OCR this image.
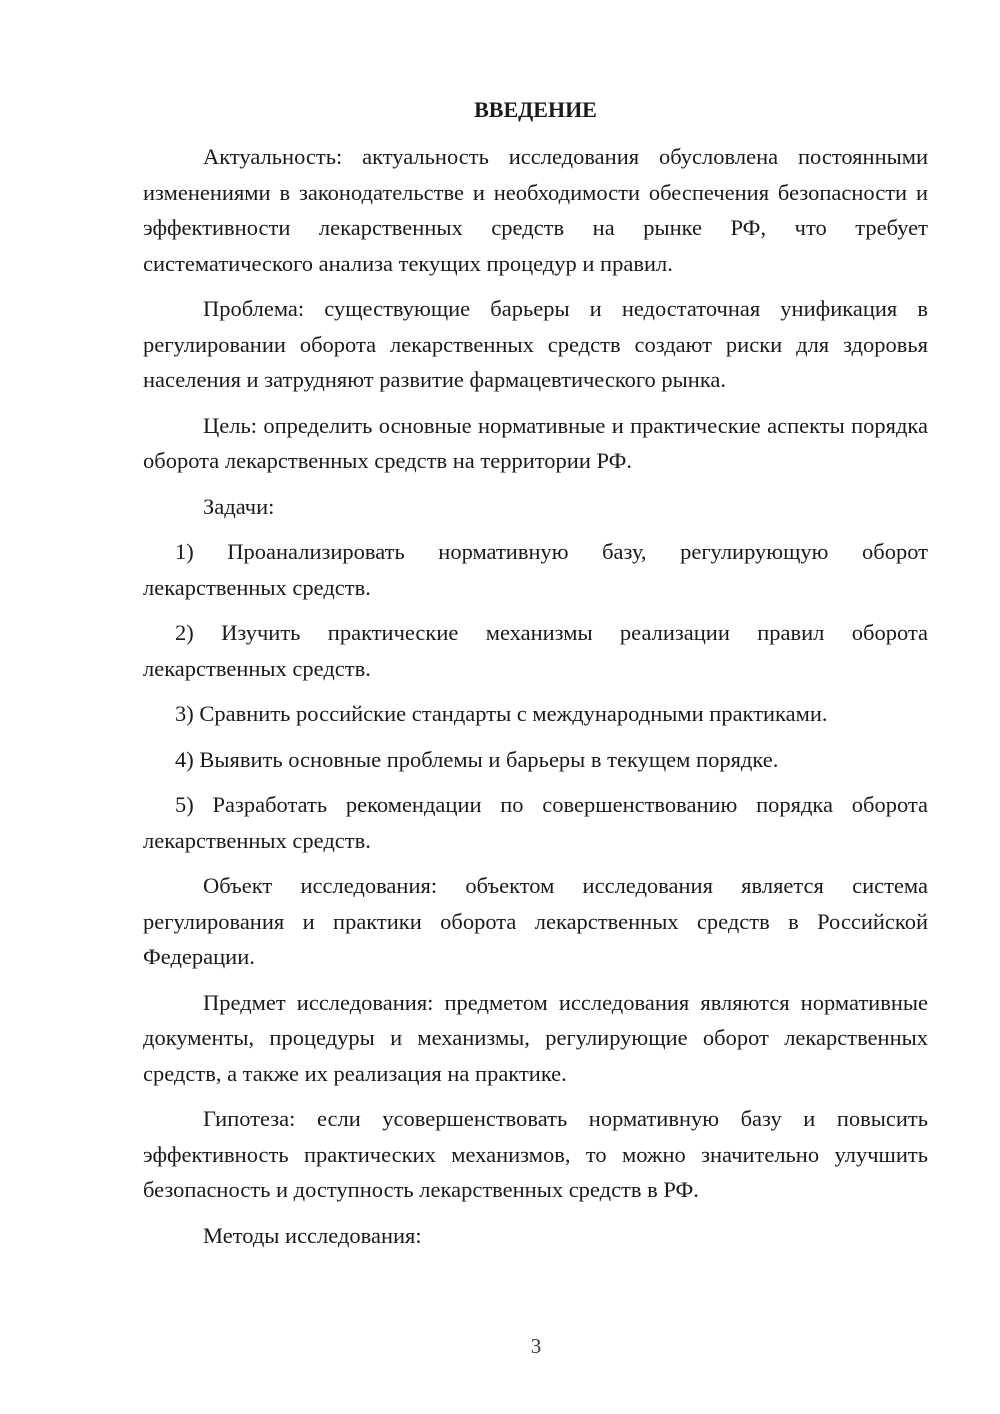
ВВЕДЕНИЕ

Актуальность: актуальность исследования обусловлена постоянными изменениями в законодательстве и необходимости обеспечения безопасности и эффективности лекарственных средств на рынке РФ, что требует систематического анализа текущих процедур и правил.

Проблема: существующие барьеры и недостаточная унификация в регулировании оборота лекарственных средств создают риски для здоровья населения и затрудняют развитие фармацевтического рынка.

Цель: определить основные нормативные и практические аспекты порядка оборота лекарственных средств на территории РФ.

Задачи:

1) Проанализировать нормативную базу, регулирующую оборот лекарственных средств.

2) Изучить практические механизмы реализации правил оборота лекарственных средств.

3) Сравнить российские стандарты с международными практиками.

4) Выявить основные проблемы и барьеры в текущем порядке.

5) Разработать рекомендации по совершенствованию порядка оборота лекарственных средств.

Объект исследования: объектом исследования является система регулирования и практики оборота лекарственных средств в Российской Федерации.

Предмет исследования: предметом исследования являются нормативные документы, процедуры и механизмы, регулирующие оборот лекарственных средств, а также их реализация на практике.

Гипотеза: если усовершенствовать нормативную базу и повысить эффективность практических механизмов, то можно значительно улучшить безопасность и доступность лекарственных средств в РФ.

Методы исследования:

3
